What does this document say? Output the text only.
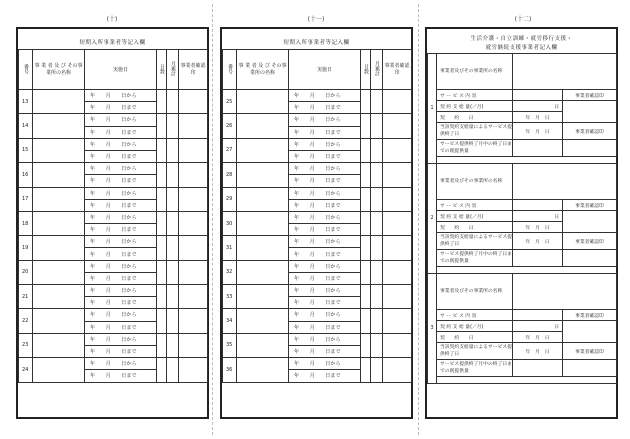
(十)	(十一)	(十二)
短期入所事業者等記入欄
番号	事 業 者 及 び その事業所の名称	実施日	日数	月累計	事業者確認印
13		年　　月　　日から			
		年　　月　　日まで			
14		年　　月　　日から			
		年　　月　　日まで			
15		年　　月　　日から			
		年　　月　　日まで			
16		年　　月　　日から			
		年　　月　　日まで			
17		年　　月　　日から			
		年　　月　　日まで			
18		年　　月　　日から			
		年　　月　　日まで			
19		年　　月　　日から			
		年　　月　　日まで			
20		年　　月　　日から			
		年　　月　　日まで			
21		年　　月　　日から			
		年　　月　　日まで			
22		年　　月　　日から			
		年　　月　　日まで			
23		年　　月　　日から			
		年　　月　　日まで			
24		年　　月　　日から			
		年　　月　　日まで			
短期入所事業者等記入欄
番号	事 業 者 及 び その事業所の名称	実施日	日数	月累計	事業者確認印
25		年　　月　　日から			
		年　　月　　日まで			
26		年　　月　　日から			
		年　　月　　日まで			
27		年　　月　　日から			
		年　　月　　日まで			
28		年　　月　　日から			
		年　　月　　日まで			
29		年　　月　　日から			
		年　　月　　日まで			
30		年　　月　　日から			
		年　　月　　日まで			
31		年　　月　　日から			
		年　　月　　日まで			
32		年　　月　　日から			
		年　　月　　日まで			
33		年　　月　　日から			
		年　　月　　日まで			
34		年　　月　　日から			
		年　　月　　日まで			
35		年　　月　　日から			
		年　　月　　日まで			
36		年　　月　　日から			
		年　　月　　日まで			
生活介護・自立訓練・就労移行支援・
就労継続支援事業者記入欄
1	事業者及びその事業所の名称		
	サ ー ビ ス 内 容		事業者確認印
	契 約 支 給 量(／月)	日	
	契　　約　　日	年　月　日	
	当該契約支給量によるサービス提供終了日	年　月　日	事業者確認印
	サービス提供終了月中の終了日までの既提供量		

2	事業者及びその事業所の名称		
	サ ー ビ ス 内 容		事業者確認印
	契 約 支 給 量(／月)	日	
	契　　約　　日	年　月　日	
	当該契約支給量によるサービス提供終了日	年　月　日	事業者確認印
	サービス提供終了月中の終了日までの既提供量		

3	事業者及びその事業所の名称		
	サ ー ビ ス 内 容		事業者確認印
	契 約 支 給 量(／月)	日	
	契　　約　　日	年　月　日	
	当該契約支給量によるサービス提供終了日	年　月　日	事業者確認印
	サービス提供終了月中の終了日までの既提供量		
